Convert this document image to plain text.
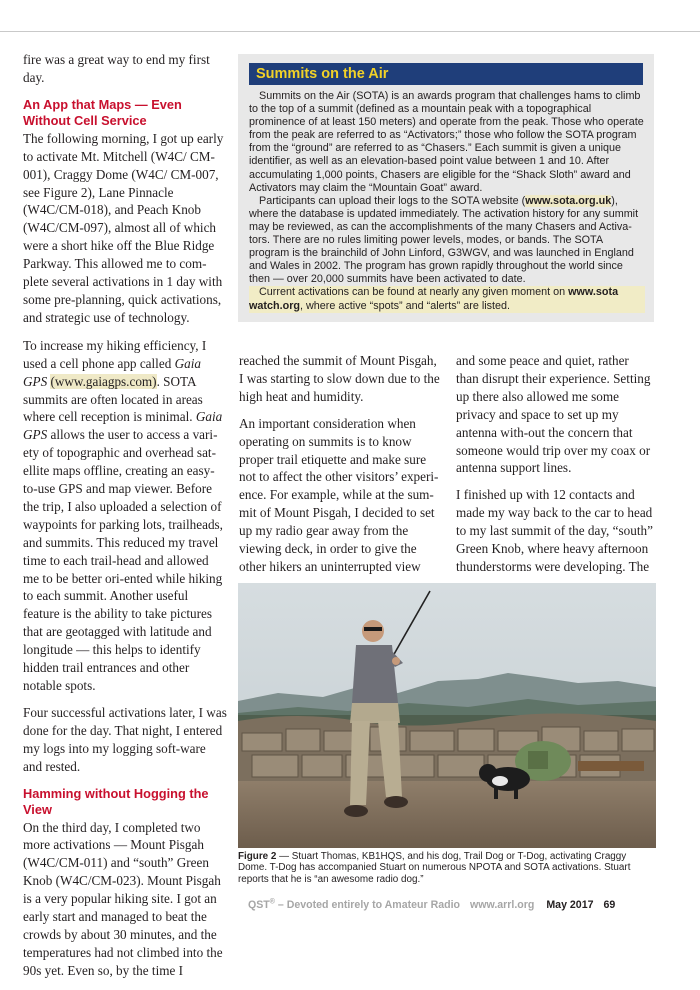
fire was a great way to end my first day.

An App that Maps — Even Without Cell Service

The following morning, I got up early to activate Mt. Mitchell (W4C/ CM-001), Craggy Dome (W4C/ CM-007, see Figure 2), Lane Pinnacle (W4C/CM-018), and Peach Knob (W4C/CM-097), almost all of which were a short hike off the Blue Ridge Parkway. This allowed me to com-plete several activations in 1 day with some pre-planning, quick activations, and strategic use of technology.

To increase my hiking efficiency, I used a cell phone app called Gaia GPS (www.gaiagps.com). SOTA summits are often located in areas where cell reception is minimal. Gaia GPS allows the user to access a vari-ety of topographic and overhead sat-ellite maps offline, creating an easy-to-use GPS and map viewer. Before the trip, I also uploaded a selection of waypoints for parking lots, trailheads, and summits. This reduced my travel time to each trail-head and allowed me to be better ori-ented while hiking to each summit. Another useful feature is the ability to take pictures that are geotagged with latitude and longitude — this helps to identify hidden trail entrances and other notable spots.

Four successful activations later, I was done for the day. That night, I entered my logs into my logging soft-ware and rested.

Hamming without Hogging the View

On the third day, I completed two more activations — Mount Pisgah (W4C/CM-011) and “south” Green Knob (W4C/CM-023). Mount Pisgah is a very popular hiking site. I got an early start and managed to beat the crowds by about 30 minutes, and the temperatures had not climbed into the 90s yet. Even so, by the time I

Summits on the Air

Summits on the Air (SOTA) is an awards program that challenges hams to climb to the top of a summit (defined as a mountain peak with a topographical prominence of at least 150 meters) and operate from the peak. Those who operate from the peak are referred to as “Activators;” those who follow the SOTA program from the “ground” are referred to as “Chasers.” Each summit is given a unique identifier, as well as an elevation-based point value between 1 and 10. After accumulating 1,000 points, Chasers are eligible for the “Shack Sloth” award and Activators may claim the “Mountain Goat” award.

Participants can upload their logs to the SOTA website (www.sota.org.uk), where the database is updated immediately. The activation history for any summit may be reviewed, as can the accomplishments of the many Chasers and Activa-tors. There are no rules limiting power levels, modes, or bands. The SOTA program is the brainchild of John Linford, G3WGV, and was launched in England and Wales in 2002. The program has grown rapidly throughout the world since then — over 20,000 summits have been activated to date.

Current activations can be found at nearly any given moment on www.sota watch.org, where active “spots” and “alerts” are listed.

reached the summit of Mount Pisgah, I was starting to slow down due to the high heat and humidity.

An important consideration when operating on summits is to know proper trail etiquette and make sure not to affect the other visitors’ experi-ence. For example, while at the sum-mit of Mount Pisgah, I decided to set up my radio gear away from the viewing deck, in order to give the other hikers an uninterrupted view

and some peace and quiet, rather than disrupt their experience. Setting up there also allowed me some privacy and space to set up my antenna with-out the concern that someone would trip over my coax or antenna support lines.

I finished up with 12 contacts and made my way back to the car to head to my last summit of the day, “south” Green Knob, where heavy afternoon thunderstorms were developing. The

Figure 2 — Stuart Thomas, KB1HQS, and his dog, Trail Dog or T-Dog, activating Craggy Dome. T-Dog has accompanied Stuart on numerous NPOTA and SOTA activations. Stuart reports that he is “an awesome radio dog.”
QST® – Devoted entirely to Amateur Radio www.arrl.org May 2017 69
